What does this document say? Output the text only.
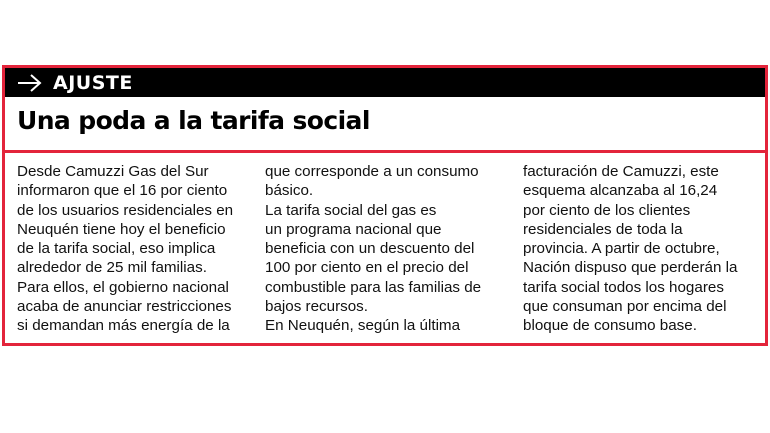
AJUSTE
Una poda a la tarifa social
Desde Camuzzi Gas del Sur
informaron que el 16 por ciento
de los usuarios residenciales en
Neuquén tiene hoy el beneficio
de la tarifa social, eso implica
alrededor de 25 mil familias.
Para ellos, el gobierno nacional
acaba de anunciar restricciones
si demandan más energía de la
que corresponde a un consumo
básico.
La tarifa social del gas es
un programa nacional que
beneficia con un descuento del
100 por ciento en el precio del
combustible para las familias de
bajos recursos.
En Neuquén, según la última
facturación de Camuzzi, este
esquema alcanzaba al 16,24
por ciento de los clientes
residenciales de toda la
provincia. A partir de octubre,
Nación dispuso que perderán la
tarifa social todos los hogares
que consuman por encima del
bloque de consumo base.
